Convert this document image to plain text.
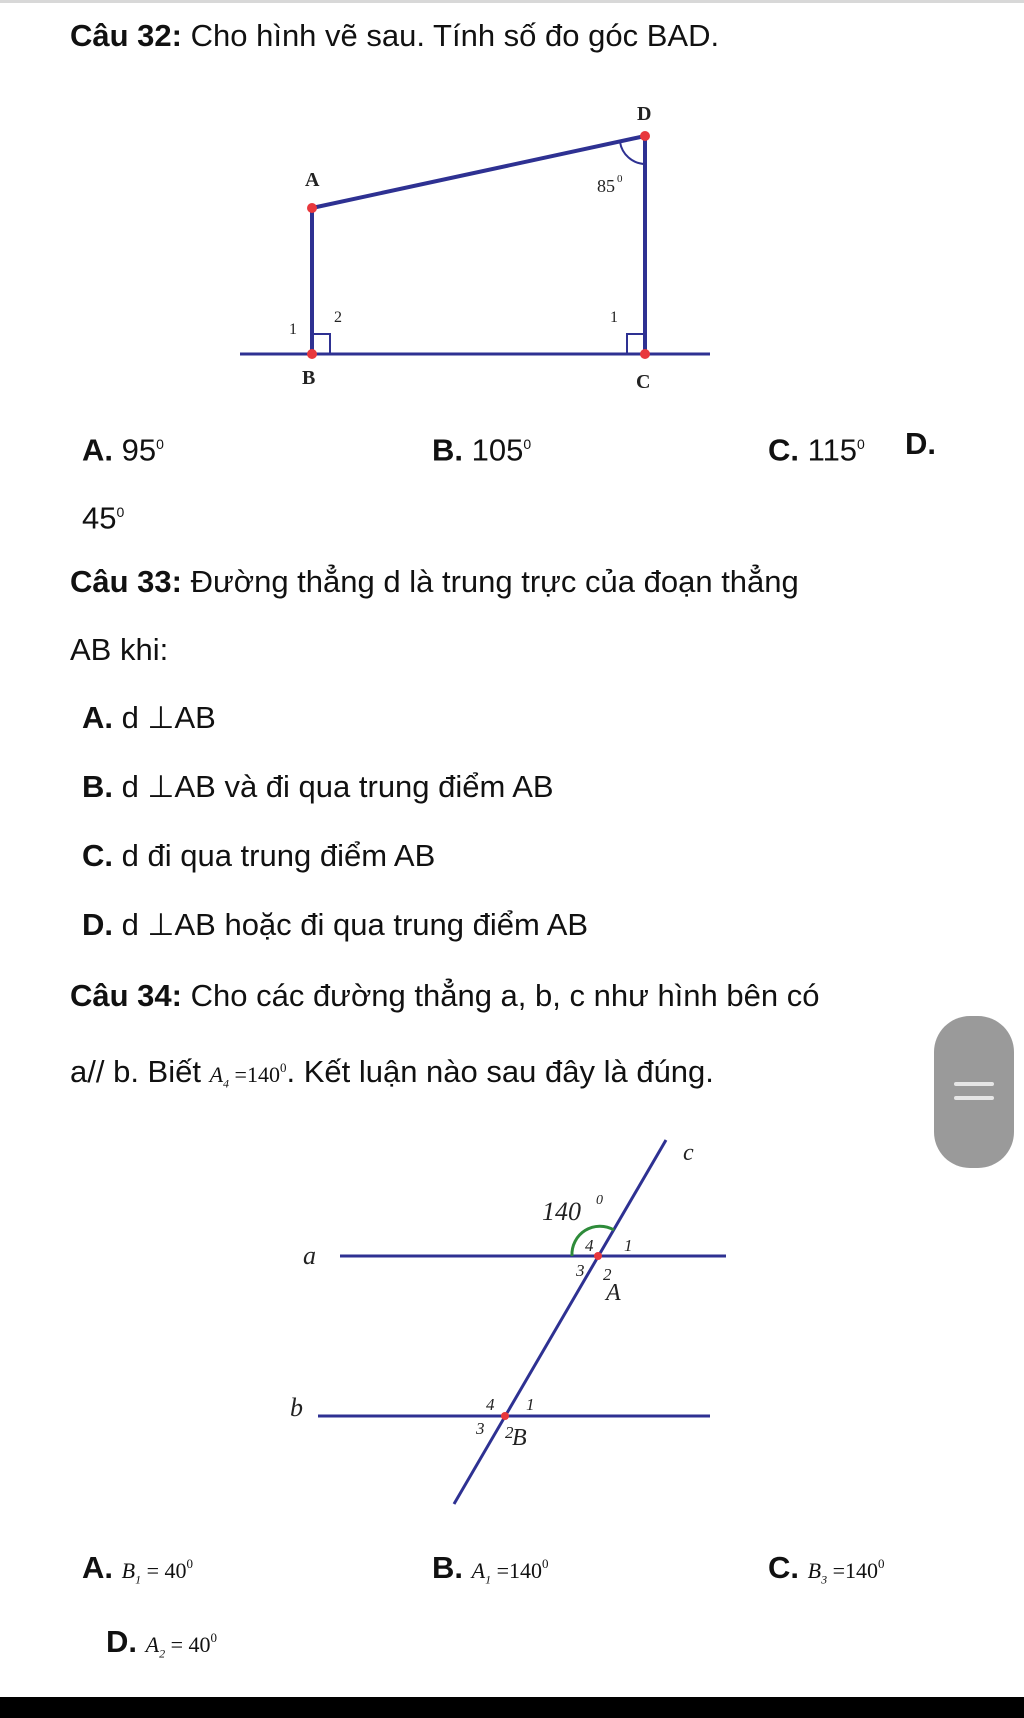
Câu 32: Cho hình vẽ sau. Tính số đo góc BAD.
D
A
B	C
85 0
1
2	1
A. $95^0$	B. $105^0$	C. $115^0$ D.
$45^0$
Câu 33: Đường thẳng d là trung trực của đoạn thẳng
AB khi:
A. d ⊥AB
B. d ⊥AB và đi qua trung điểm AB
C. d đi qua trung điểm AB
D. d ⊥AB hoặc đi qua trung điểm AB
Câu 34: Cho các đường thẳng a, b, c như hình bên có
a// b. Biết $A_4 =140^0$. Kết luận nào sau đây là đúng.
c
a
b
140 0
4 1
3 2
A
4 1
3 2
B
A. $B_1 = 40^0$	B. $A_1 =140^0$	C. $B_3 =140^0$
D. $A_2 = 40^0$
